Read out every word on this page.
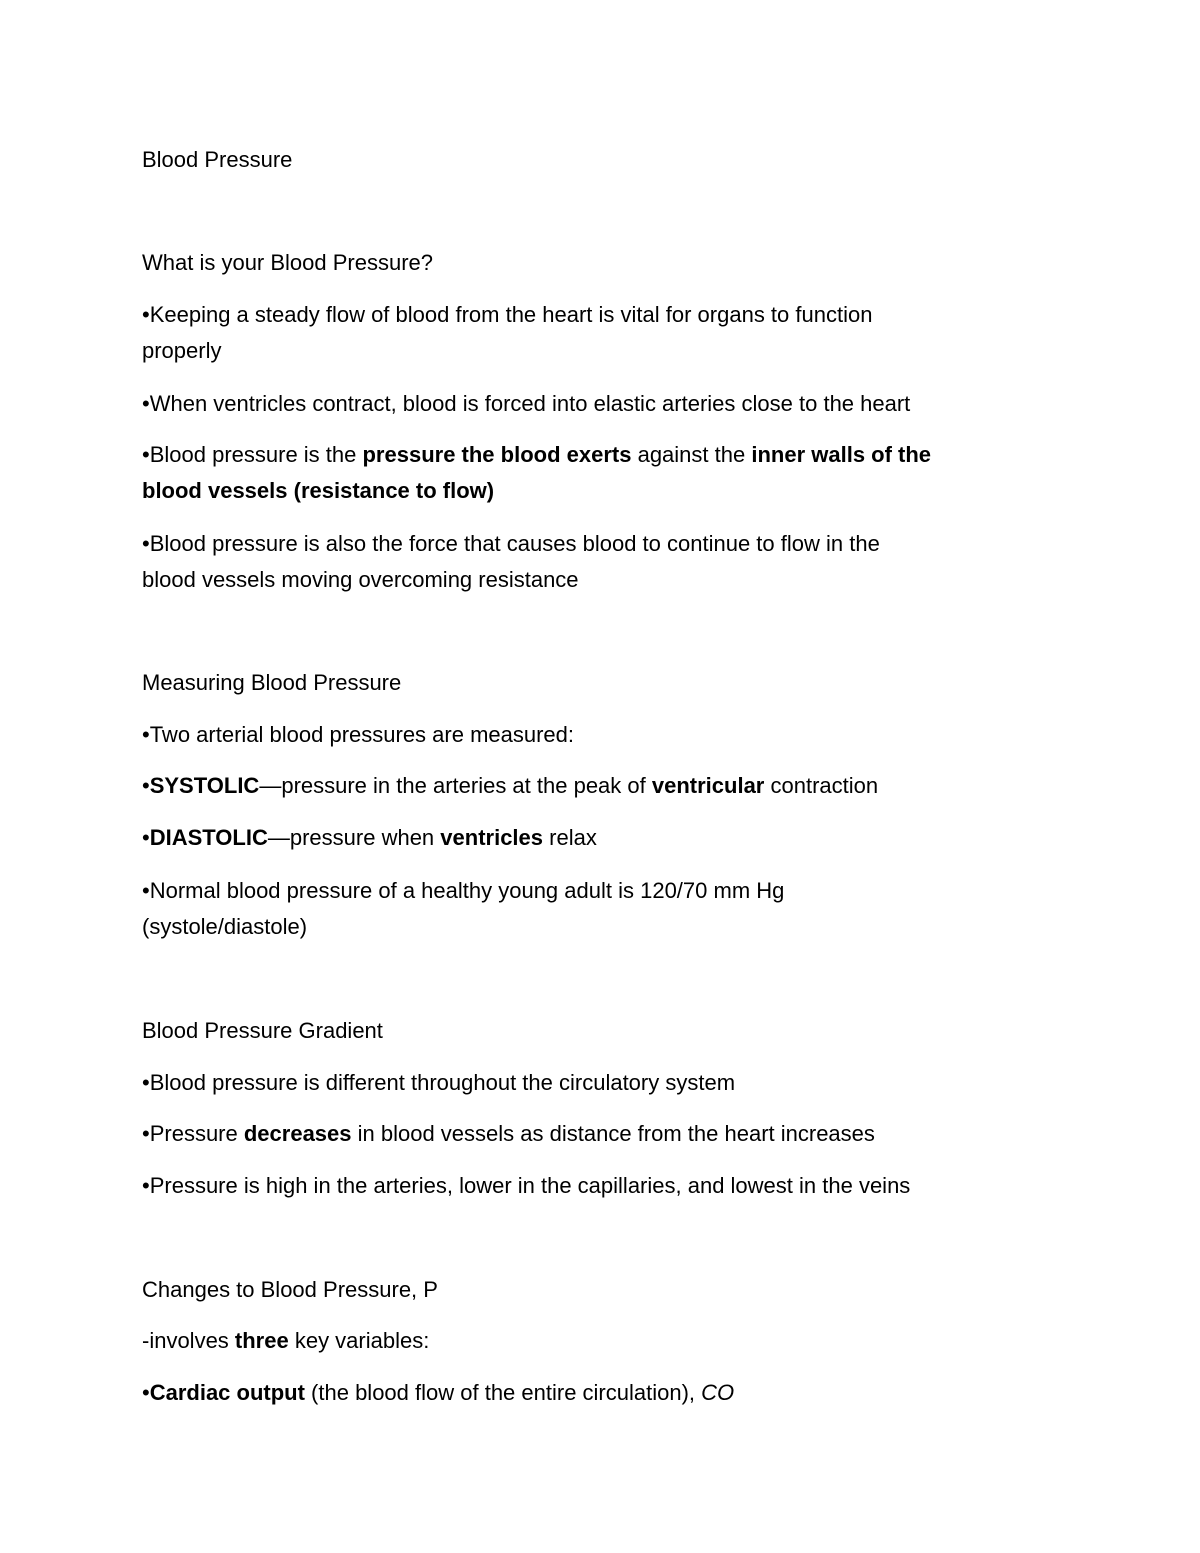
Blood Pressure
What is your Blood Pressure?
•Keeping a steady flow of blood from the heart is vital for organs to function
properly
•When ventricles contract, blood is forced into elastic arteries close to the heart
•Blood pressure is the pressure the blood exerts against the inner walls of the
blood vessels (resistance to flow)
•Blood pressure is also the force that causes blood to continue to flow in the
blood vessels moving overcoming resistance
Measuring Blood Pressure
•Two arterial blood pressures are measured:
•SYSTOLIC—pressure in the arteries at the peak of ventricular contraction
•DIASTOLIC—pressure when ventricles relax
•Normal blood pressure of a healthy young adult is 120/70 mm Hg
(systole/diastole)
Blood Pressure Gradient
•Blood pressure is different throughout the circulatory system
•Pressure decreases in blood vessels as distance from the heart increases
•Pressure is high in the arteries, lower in the capillaries, and lowest in the veins
Changes to Blood Pressure, P
-involves three key variables:
•Cardiac output (the blood flow of the entire circulation), CO
